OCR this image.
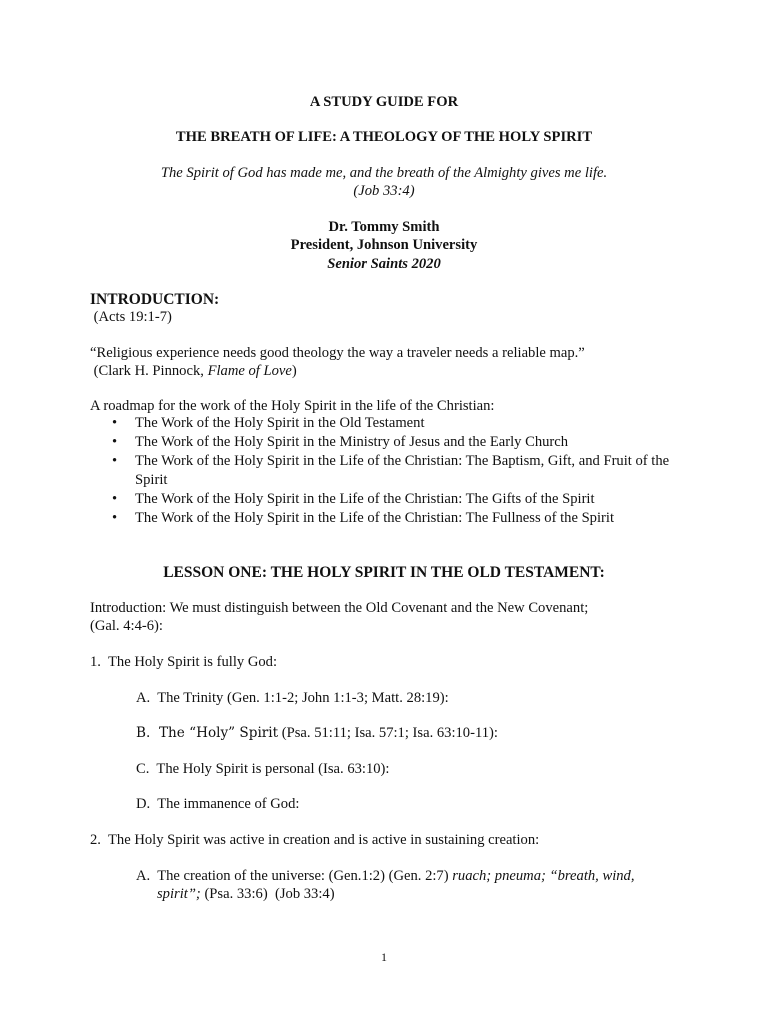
A STUDY GUIDE FOR
THE BREATH OF LIFE: A THEOLOGY OF THE HOLY SPIRIT
The Spirit of God has made me, and the breath of the Almighty gives me life.
(Job 33:4)
Dr. Tommy Smith
President, Johnson University
Senior Saints 2020
INTRODUCTION:
(Acts 19:1-7)
“Religious experience needs good theology the way a traveler needs a reliable map.”
(Clark H. Pinnock, Flame of Love)
A roadmap for the work of the Holy Spirit in the life of the Christian:
• The Work of the Holy Spirit in the Old Testament
• The Work of the Holy Spirit in the Ministry of Jesus and the Early Church
• The Work of the Holy Spirit in the Life of the Christian: The Baptism, Gift, and Fruit of the Spirit
• The Work of the Holy Spirit in the Life of the Christian: The Gifts of the Spirit
• The Work of the Holy Spirit in the Life of the Christian: The Fullness of the Spirit
LESSON ONE: THE HOLY SPIRIT IN THE OLD TESTAMENT:
Introduction: We must distinguish between the Old Covenant and the New Covenant;
(Gal. 4:4-6):
1.  The Holy Spirit is fully God:
A.  The Trinity (Gen. 1:1-2; John 1:1-3; Matt. 28:19):
B.  The “Holy” Spirit (Psa. 51:11; Isa. 57:1; Isa. 63:10-11):
C.  The Holy Spirit is personal (Isa. 63:10):
D.  The immanence of God:
2.  The Holy Spirit was active in creation and is active in sustaining creation:
A.  The creation of the universe: (Gen.1:2) (Gen. 2:7) ruach; pneuma; “breath, wind,
spirit”; (Psa. 33:6)  (Job 33:4)
1
